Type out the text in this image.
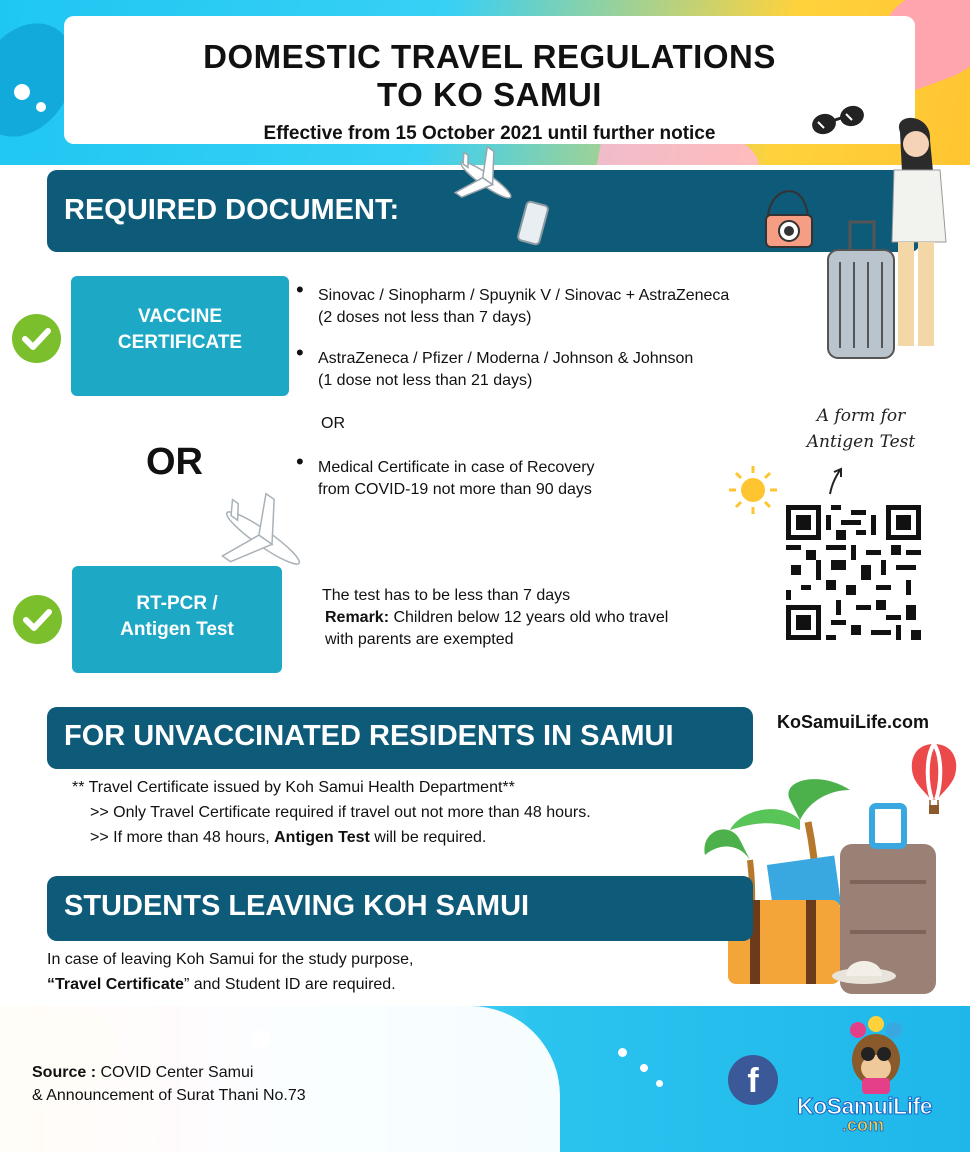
DOMESTIC TRAVEL REGULATIONS
TO KO SAMUI
Effective from 15 October 2021 until further notice
REQUIRED DOCUMENT:
VACCINE
CERTIFICATE
• Sinovac / Sinopharm / Spuynik V / Sinovac + AstraZeneca
(2 doses not less than 7 days)
• AstraZeneca / Pfizer / Moderna / Johnson & Johnson
(1 dose not less than 21 days)
OR
• Medical Certificate in case of Recovery
from COVID-19 not more than 90 days
OR
RT-PCR /
Antigen Test
The test has to be less than 7 days
Remark: Children below 12 years old who travel
with parents are exempted
A form for
Antigen Test
FOR UNVACCINATED RESIDENTS IN SAMUI	KoSamuiLife.com
** Travel Certificate issued by Koh Samui Health Department**
>> Only Travel Certificate required if travel out not more than 48 hours.
>> If more than 48 hours, Antigen Test will be required.
STUDENTS LEAVING KOH SAMUI
In case of leaving Koh Samui for the study purpose,
“Travel Certificate” and Student ID are required.
Source : COVID Center Samui
& Announcement of Surat Thani No.73	f
KoSamuiLife
.com
